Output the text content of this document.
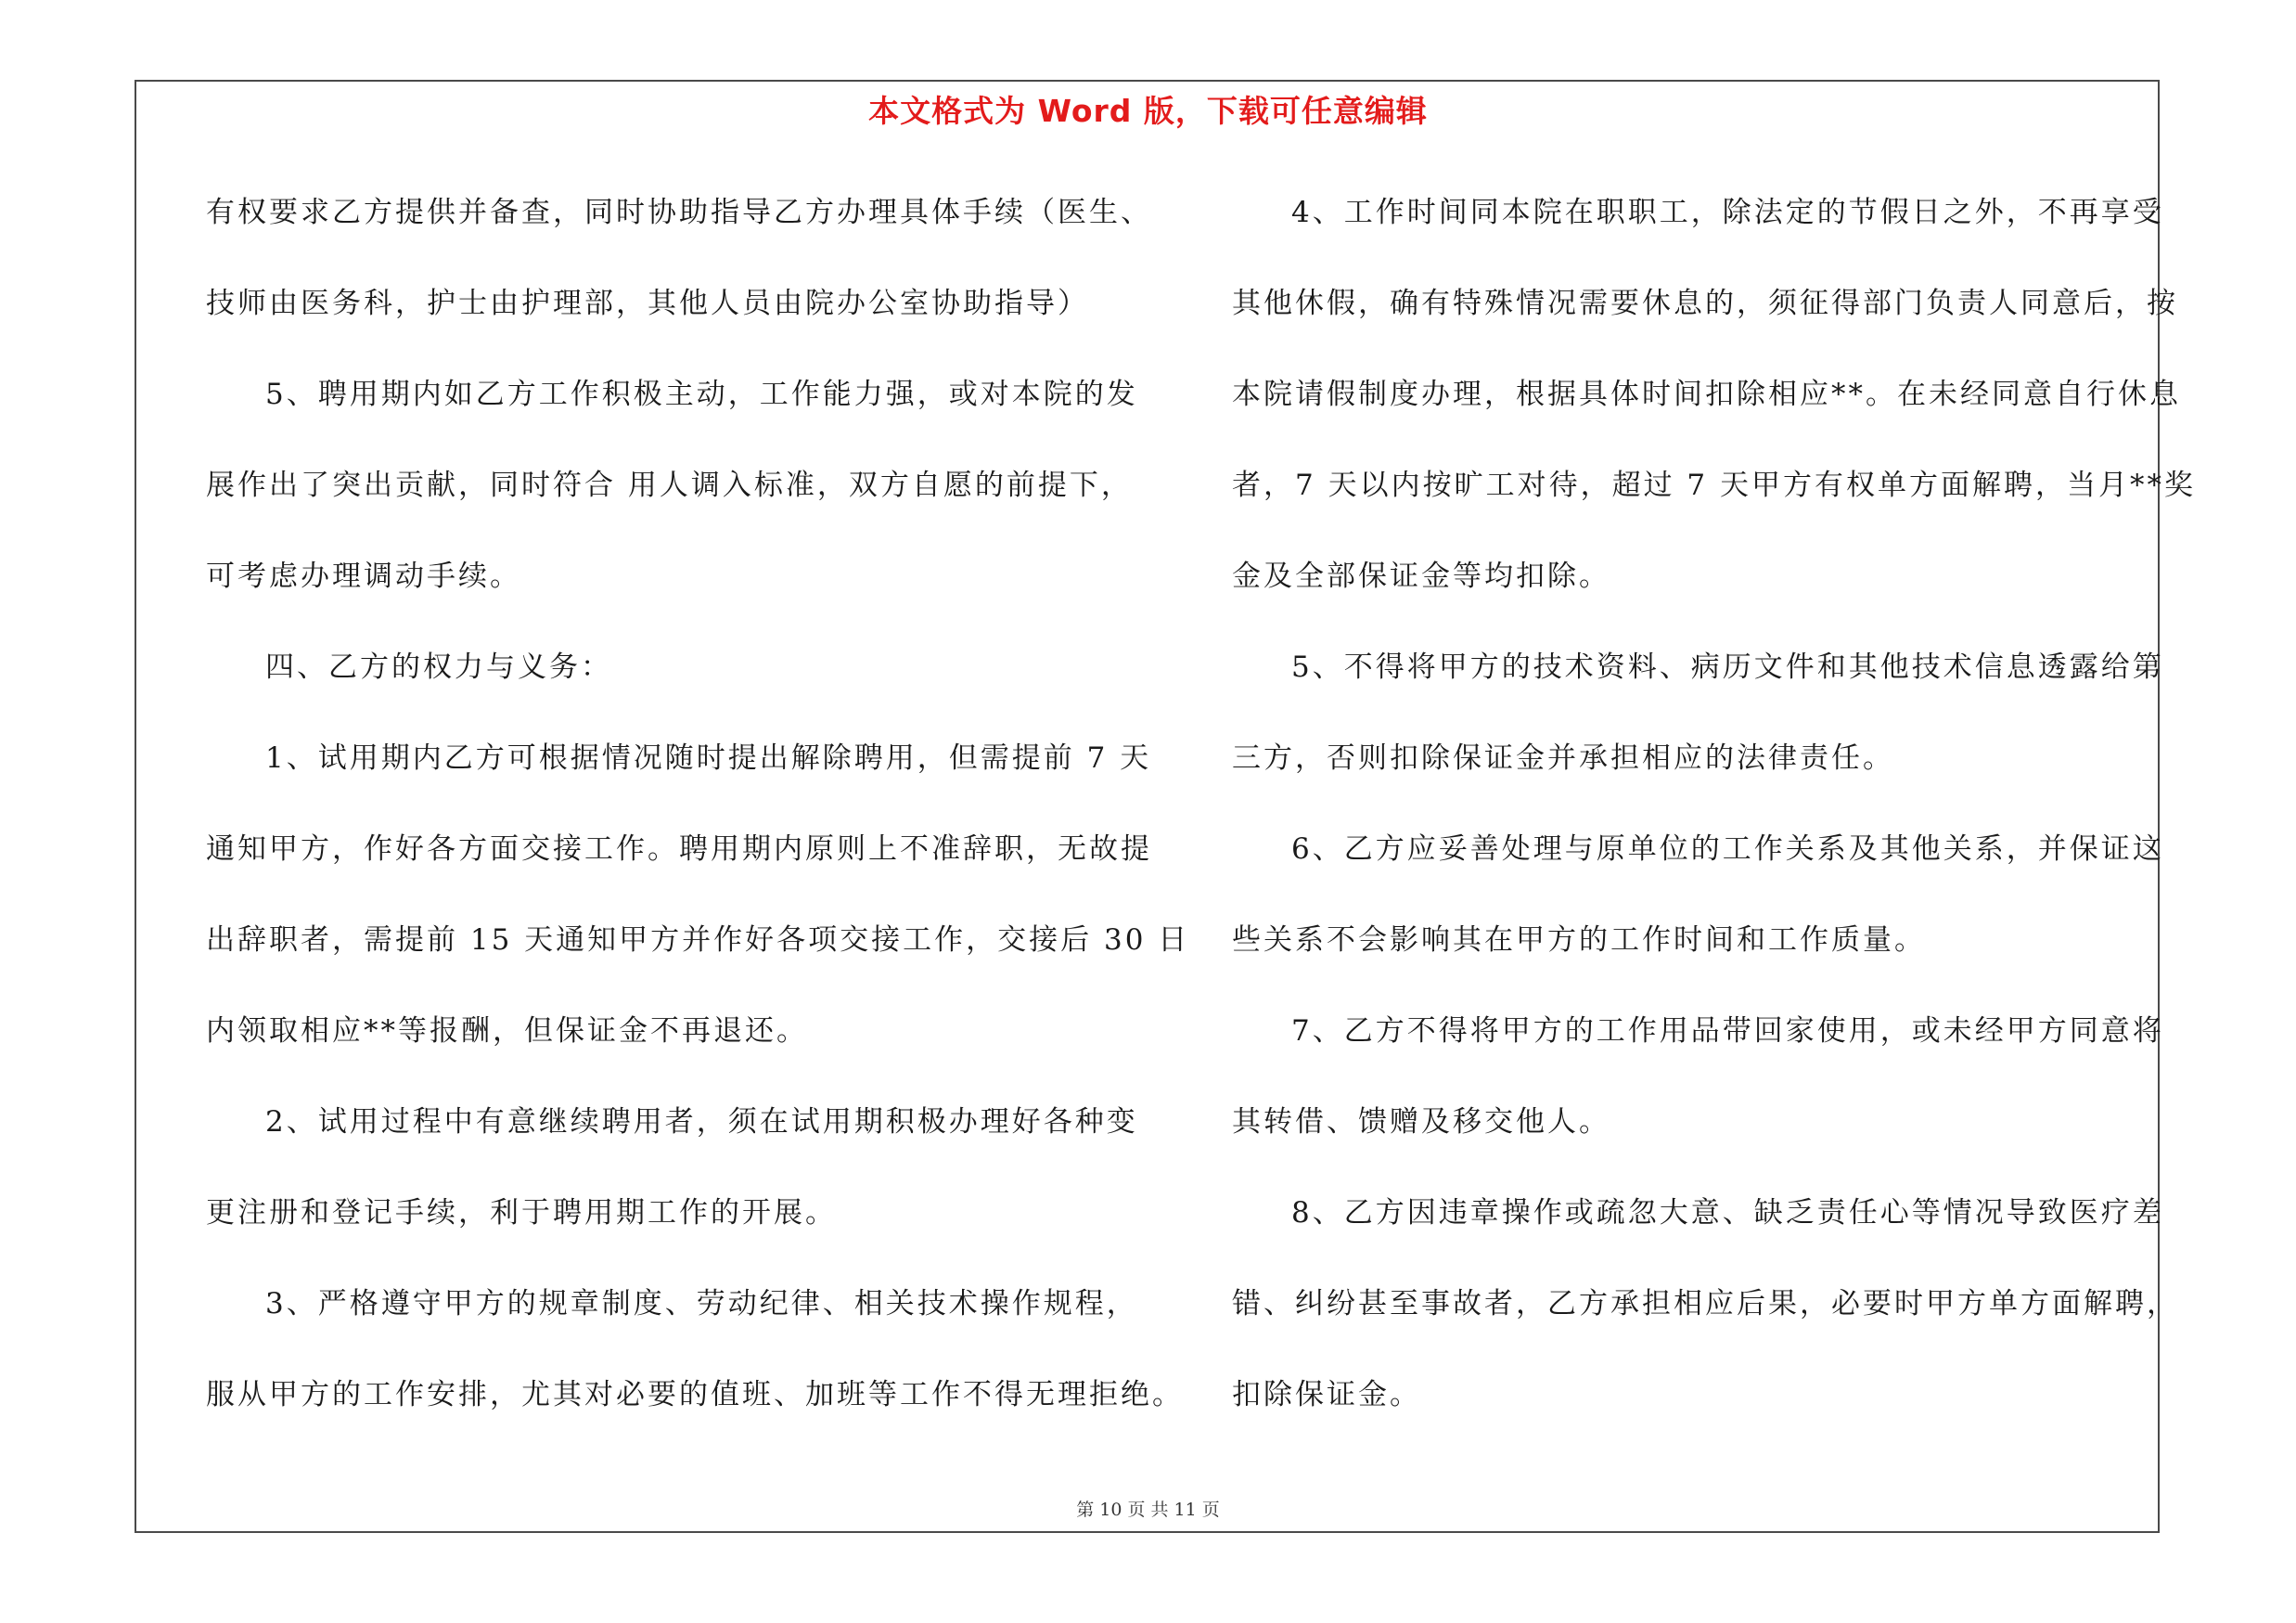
本文格式为 Word 版，下载可任意编辑
有权要求乙方提供并备查，同时协助指导乙方办理具体手续（医生、
技师由医务科，护士由护理部，其他人员由院办公室协助指导）
5、聘用期内如乙方工作积极主动，工作能力强，或对本院的发
展作出了突出贡献，同时符合 用人调入标准，双方自愿的前提下，
可考虑办理调动手续。
四、乙方的权力与义务：
1、试用期内乙方可根据情况随时提出解除聘用，但需提前 7 天
通知甲方，作好各方面交接工作。聘用期内原则上不准辞职，无故提
出辞职者，需提前 15 天通知甲方并作好各项交接工作，交接后 30 日
内领取相应**等报酬，但保证金不再退还。
2、试用过程中有意继续聘用者，须在试用期积极办理好各种变
更注册和登记手续，利于聘用期工作的开展。
3、严格遵守甲方的规章制度、劳动纪律、相关技术操作规程，
服从甲方的工作安排，尤其对必要的值班、加班等工作不得无理拒绝。
4、工作时间同本院在职职工，除法定的节假日之外，不再享受
其他休假，确有特殊情况需要休息的，须征得部门负责人同意后，按
本院请假制度办理，根据具体时间扣除相应**。在未经同意自行休息
者，7 天以内按旷工对待，超过 7 天甲方有权单方面解聘，当月**奖
金及全部保证金等均扣除。
5、不得将甲方的技术资料、病历文件和其他技术信息透露给第
三方，否则扣除保证金并承担相应的法律责任。
6、乙方应妥善处理与原单位的工作关系及其他关系，并保证这
些关系不会影响其在甲方的工作时间和工作质量。
7、乙方不得将甲方的工作用品带回家使用，或未经甲方同意将
其转借、馈赠及移交他人。
8、乙方因违章操作或疏忽大意、缺乏责任心等情况导致医疗差
错、纠纷甚至事故者，乙方承担相应后果，必要时甲方单方面解聘，
扣除保证金。
第 10 页 共 11 页
